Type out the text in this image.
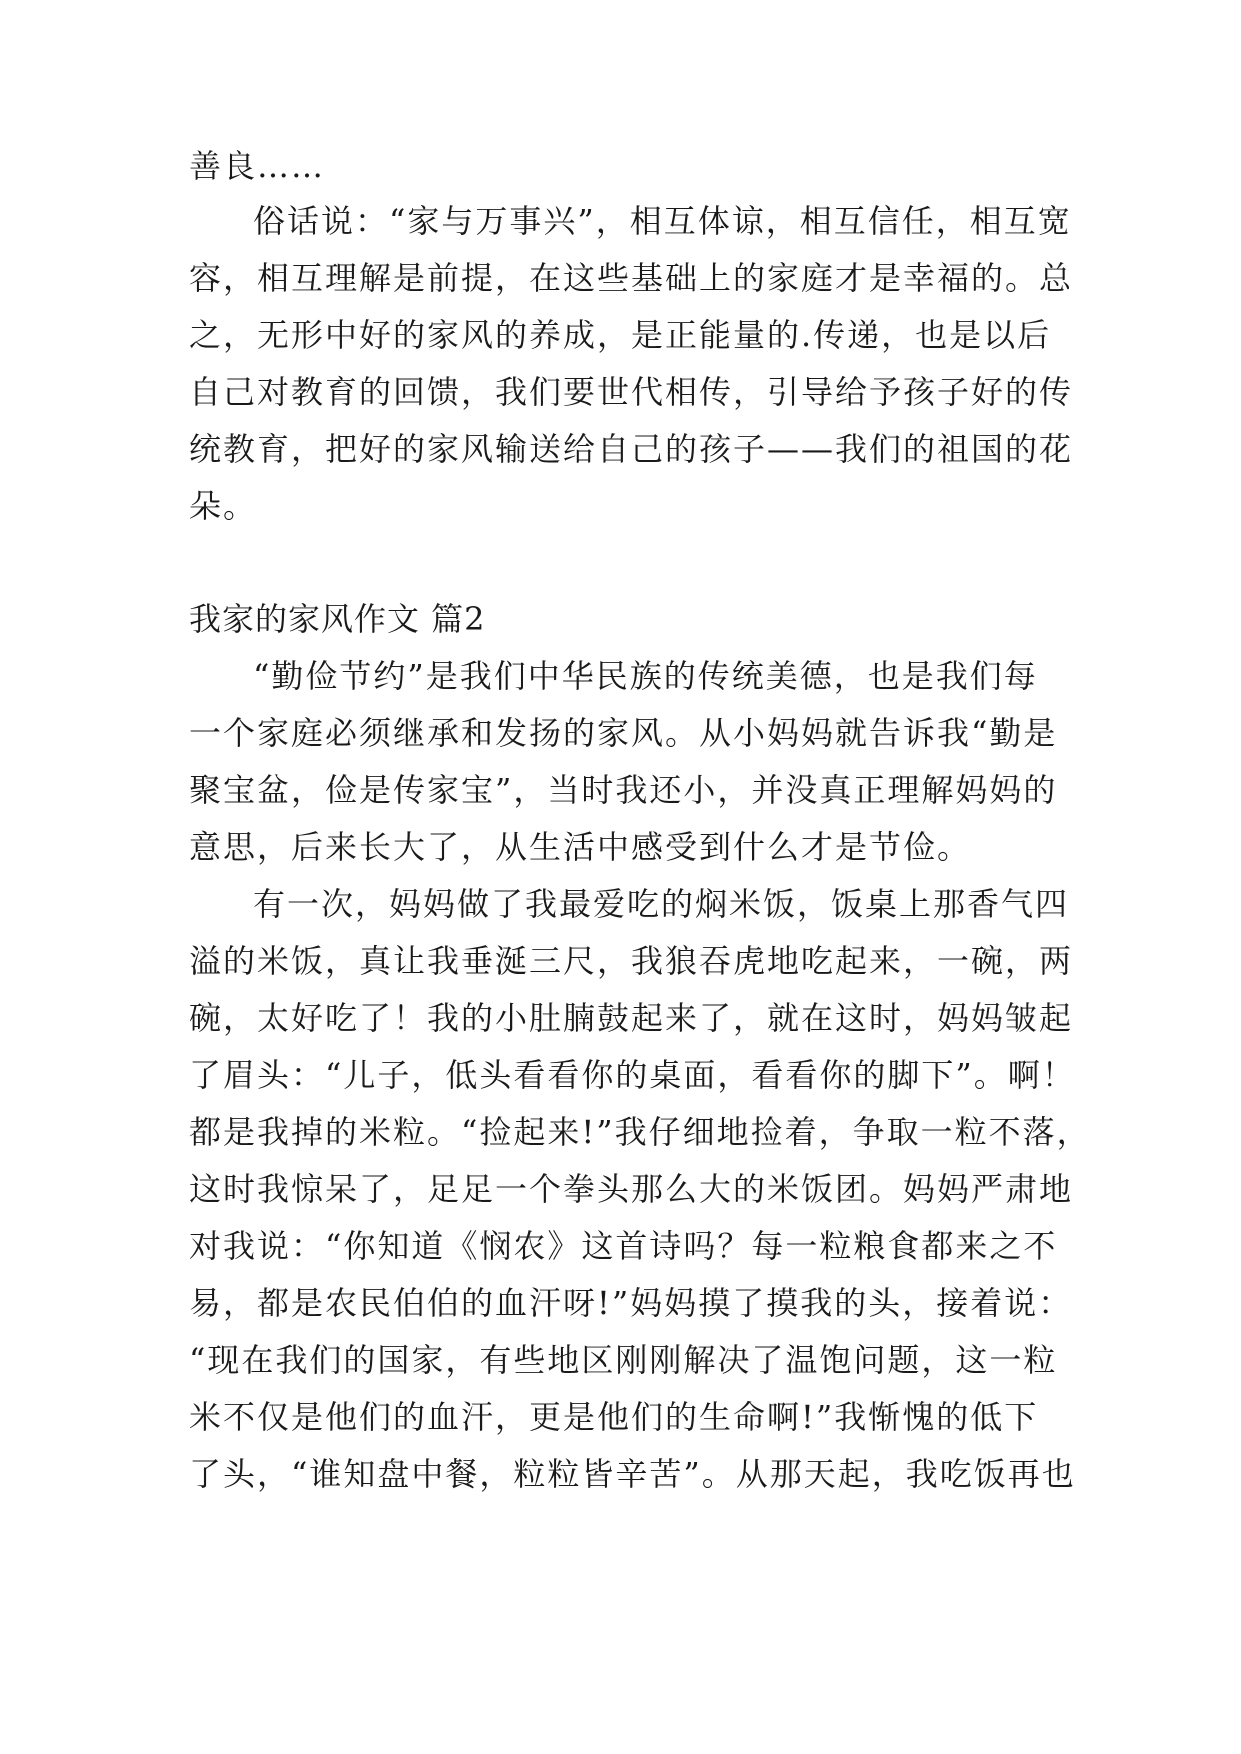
善良……
俗话说：“家与万事兴”，相互体谅，相互信任，相互宽
容，相互理解是前提，在这些基础上的家庭才是幸福的。总
之，无形中好的家风的养成，是正能量的.传递，也是以后
自己对教育的回馈，我们要世代相传，引导给予孩子好的传
统教育，把好的家风输送给自己的孩子——我们的祖国的花
朵。
我家的家风作文 篇2
“勤俭节约”是我们中华民族的传统美德，也是我们每
一个家庭必须继承和发扬的家风。从小妈妈就告诉我“勤是
聚宝盆，俭是传家宝”，当时我还小，并没真正理解妈妈的
意思，后来长大了，从生活中感受到什么才是节俭。
有一次，妈妈做了我最爱吃的焖米饭，饭桌上那香气四
溢的米饭，真让我垂涎三尺，我狼吞虎地吃起来，一碗，两
碗，太好吃了！我的小肚腩鼓起来了，就在这时，妈妈皱起
了眉头：“儿子，低头看看你的桌面，看看你的脚下”。啊！
都是我掉的米粒。“捡起来!”我仔细地捡着，争取一粒不落，
这时我惊呆了，足足一个拳头那么大的米饭团。妈妈严肃地
对我说：“你知道《悯农》这首诗吗？每一粒粮食都来之不
易，都是农民伯伯的血汗呀!”妈妈摸了摸我的头，接着说：
“现在我们的国家，有些地区刚刚解决了温饱问题，这一粒
米不仅是他们的血汗，更是他们的生命啊!”我惭愧的低下
了头，“谁知盘中餐，粒粒皆辛苦”。从那天起，我吃饭再也
